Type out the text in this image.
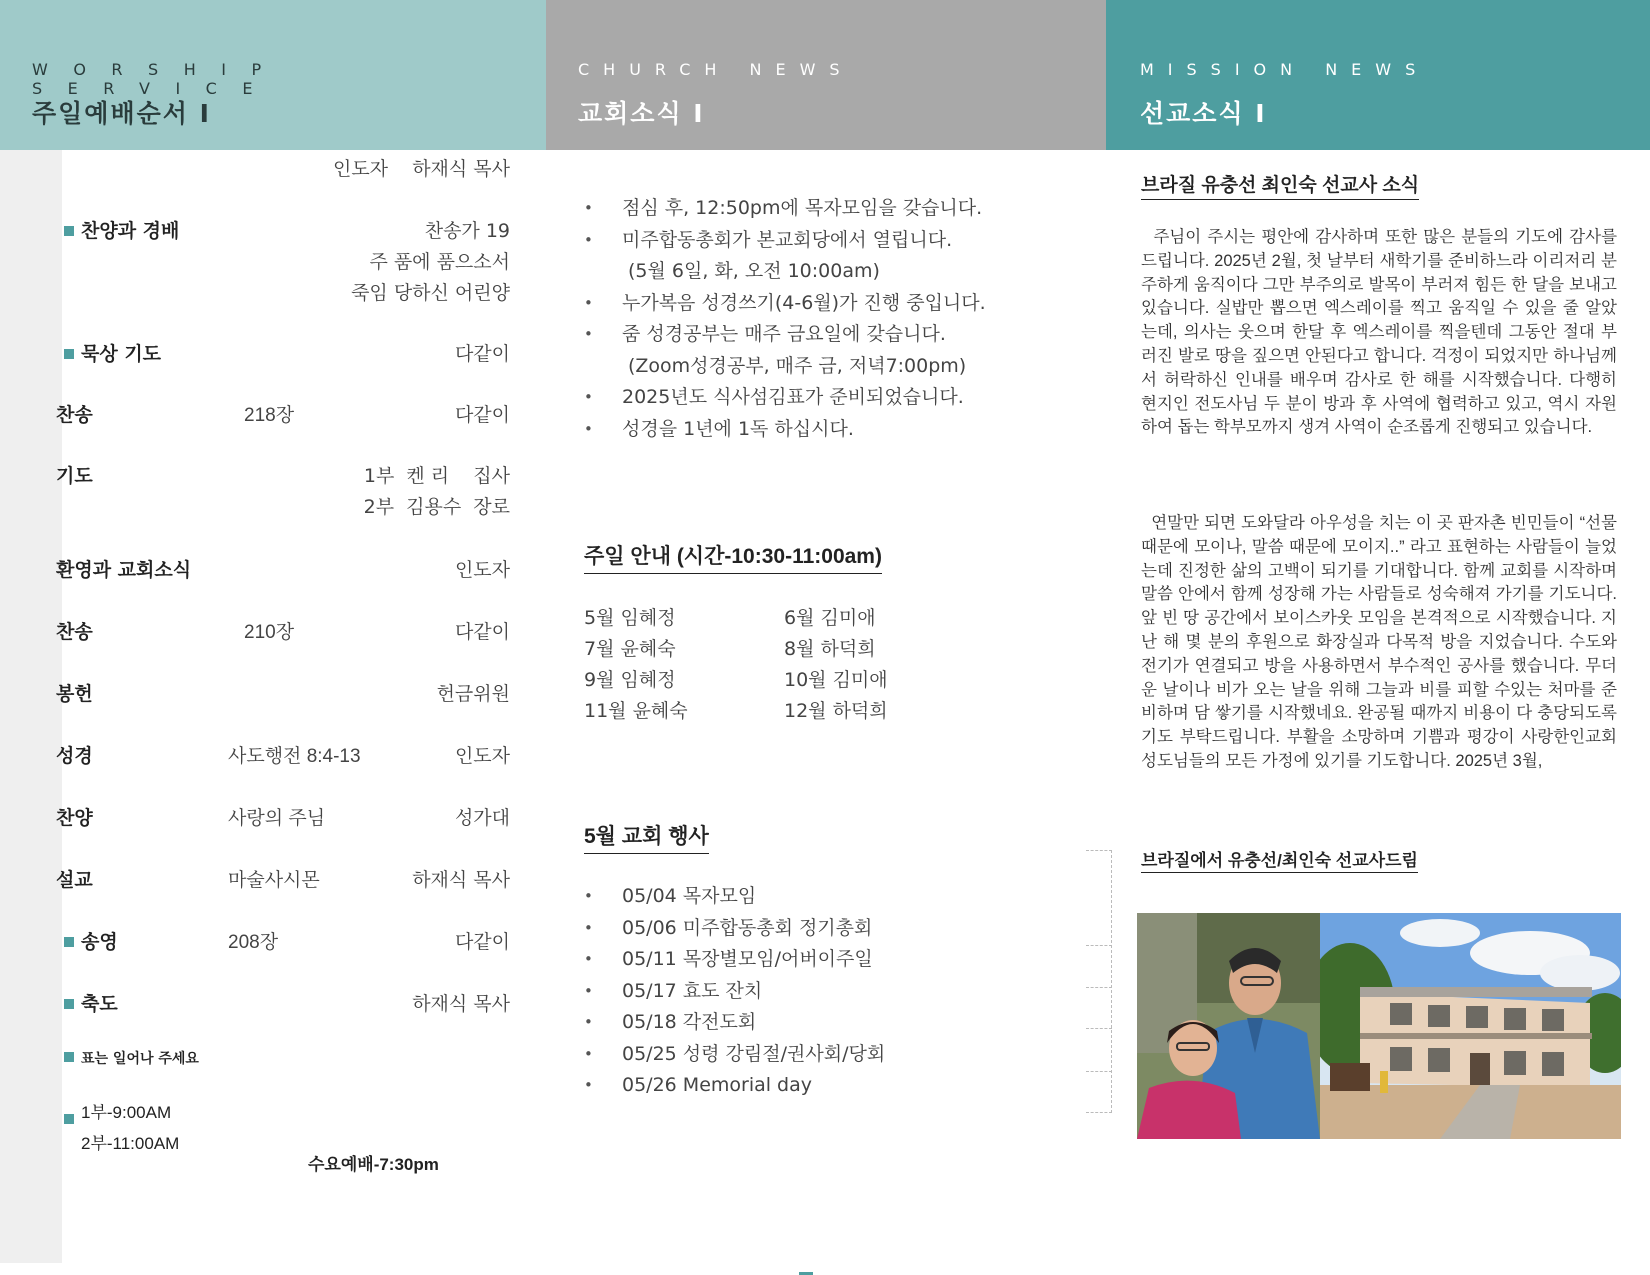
WORSHIP SERVICE
주일예배순서 I
CHURCH NEWS
교회소식 I
MISSION NEWS
선교소식 I
인도자    하재식 목사
찬양과 경배	찬송가 19
주 품에 품으소서
죽임 당하신 어린양
묵상 기도	다같이
찬송	218장	다같이
기도	1부  켄 리    집사
2부  김용수  장로
환영과 교회소식	인도자
찬송	210장	다같이
봉헌	헌금위원
성경	사도행전 8:4-13	인도자
찬양	사랑의 주님	성가대
설교	마술사시몬	하재식 목사
송영	208장	다같이
축도	하재식 목사
표는 일어나 주세요
1부-9:00AM
2부-11:00AM
수요예배-7:30pm
• 점심 후, 12:50pm에 목자모임을 갖습니다.
• 미주합동총회가 본교회당에서 열립니다.
(5월 6일, 화, 오전 10:00am)
• 누가복음 성경쓰기(4-6월)가 진행 중입니다.
• 줌 성경공부는 매주 금요일에 갖습니다.
(Zoom성경공부, 매주 금, 저녁7:00pm)
• 2025년도 식사섬김표가 준비되었습니다.
• 성경을 1년에 1독 하십시다.
주일 안내 (시간-10:30-11:00am)
5월 임혜정	6월 김미애
7월 윤혜숙	8월 하덕희
9월 임혜정	10월 김미애
11월 윤혜숙	12월 하덕희
5월 교회 행사
• 05/04 목자모임
• 05/06 미주합동총회 정기총회
• 05/11 목장별모임/어버이주일
• 05/17 효도 잔치
• 05/18 각전도회
• 05/25 성령 강림절/권사회/당회
• 05/26 Memorial day
브라질 유충선 최인숙 선교사 소식
주님이 주시는 평안에 감사하며 또한 많은 분들의 기도에 감사를 드립니다. 2025년 2월, 첫 날부터 새학기를 준비하느라 이리저리 분주하게 움직이다 그만 부주의로 발목이 부러져 힘든 한 달을 보내고 있습니다. 실밥만 뽑으면 엑스레이를 찍고 움직일 수 있을 줄 알았는데, 의사는 웃으며 한달 후 엑스레이를 찍을텐데 그동안 절대 부러진 발로 땅을 짚으면 안된다고 합니다. 걱정이 되었지만 하나님께서 허락하신 인내를 배우며 감사로 한 해를 시작했습니다. 다행히 현지인 전도사님 두 분이 방과 후 사역에 협력하고 있고, 역시 자원하여 돕는 학부모까지 생겨 사역이 순조롭게 진행되고 있습니다.
연말만 되면 도와달라 아우성을 치는 이 곳 판자촌 빈민들이 “선물 때문에 모이나, 말씀 때문에 모이지..” 라고 표현하는 사람들이 늘었는데 진정한 삶의 고백이 되기를 기대합니다. 함께 교회를 시작하며 말씀 안에서 함께 성장해 가는 사람들로 성숙해져 가기를 기도니다. 앞 빈 땅 공간에서 보이스카웃 모임을 본격적으로 시작했습니다. 지난 해 몇 분의 후원으로 화장실과 다목적 방을 지었습니다. 수도와 전기가 연결되고 방을 사용하면서 부수적인 공사를 했습니다. 무더운 날이나 비가 오는 날을 위해 그늘과 비를 피할 수있는 처마를 준비하며 담 쌓기를 시작했네요. 완공될 때까지 비용이 다 충당되도록 기도 부탁드립니다. 부활을 소망하며 기쁨과 평강이 사랑한인교회 성도님들의 모든 가정에 있기를 기도합니다. 2025년 3월,
브라질에서 유충선/최인숙 선교사드림
